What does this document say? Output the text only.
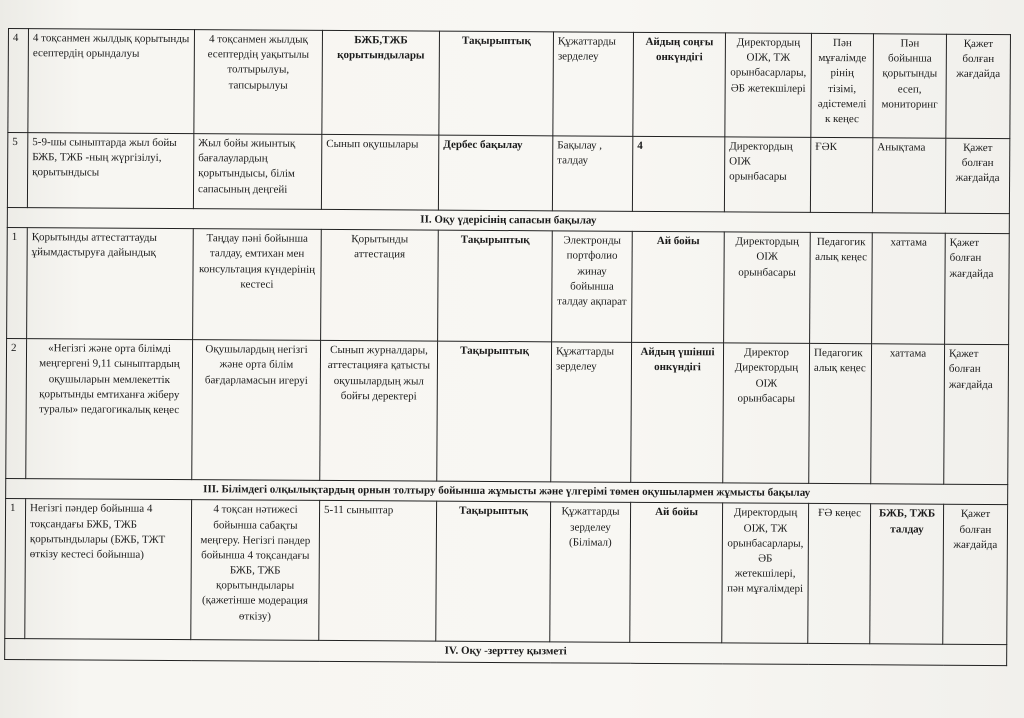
4	4 тоқсанмен жылдық қорытынды есептердің орындалуы	4 тоқсанмен жылдық есептердің уақытылы толтырылуы, тапсырылуы	БЖБ,ТЖБ қорытындылары	Тақырыптық	Құжаттарды зерделеу	Айдың соңғы онкүндігі	Директордың ОІЖ, ТЖ орынбасарлары, ӘБ жетекшілері	Пән мұғалімдерінің тізімі, әдістемелік кеңес	Пән бойынша қорытынды есеп, мониторинг	Қажет болған жағдайда
5	5-9-шы сыныптарда жыл бойы БЖБ, ТЖБ -ның жүргізілуі, қорытындысы	Жыл бойы жиынтық бағалаулардың қорытындысы, білім сапасының деңгейі	Сынып оқушылары	Дербес бақылау	Бақылау , талдау	4	Директордың ОІЖ орынбасары	ҒӘК	Анықтама	Қажет болған жағдайда
ІІ. Оқу үдерісінің сапасын бақылау										
1	Қорытынды аттестаттауды ұйымдастыруға дайындық	Таңдау пәні бойынша талдау, емтихан мен консультация күндерінің кестесі	Қорытынды аттестация	Тақырыптық	Электронды портфолио жинау бойынша талдау ақпарат	Ай бойы	Директордың ОІЖ орынбасары	Педагогикалық кеңес	хаттама	Қажет болған жағдайда
2	«Негізгі және орта білімді меңгергені 9,11 сыныптардың оқушыларын мемлекеттік қорытынды емтиханға жіберу туралы» педагогикалық кеңес	Оқушылардың негізгі және орта білім бағдарламасын игеруі	Сынып журналдары, аттестацияға қатысты оқушылардың жыл бойғы деректері	Тақырыптық	Құжаттарды зерделеу	Айдың үшінші онкүндігі	Директор Директордың ОІЖ орынбасары	Педагогикалық кеңес	хаттама	Қажет болған жағдайда
ІІІ. Білімдегі олқылықтардың орнын толтыру бойынша жұмысты және үлгерімі төмен оқушылармен жұмысты бақылау										
1	Негізгі пәндер бойынша 4 тоқсандағы БЖБ, ТЖБ қорытындылары (БЖБ, ТЖТ өткізу кестесі бойынша)	4 тоқсан нәтижесі бойынша сабақты меңгеру. Негізгі пәндер бойынша 4 тоқсандағы БЖБ, ТЖБ қорытындылары (қажетінше модерация өткізу)	5-11 сыныптар	Тақырыптық	Құжаттарды зерделеу (Білімал)	Ай бойы	Директордың ОІЖ, ТЖ орынбасарлары, ӘБ жетекшілері, пән мұғалімдері	ҒӘ кеңес	БЖБ, ТЖБ талдау	Қажет болған жағдайда
IV. Оқу -зерттеу қызметі										
